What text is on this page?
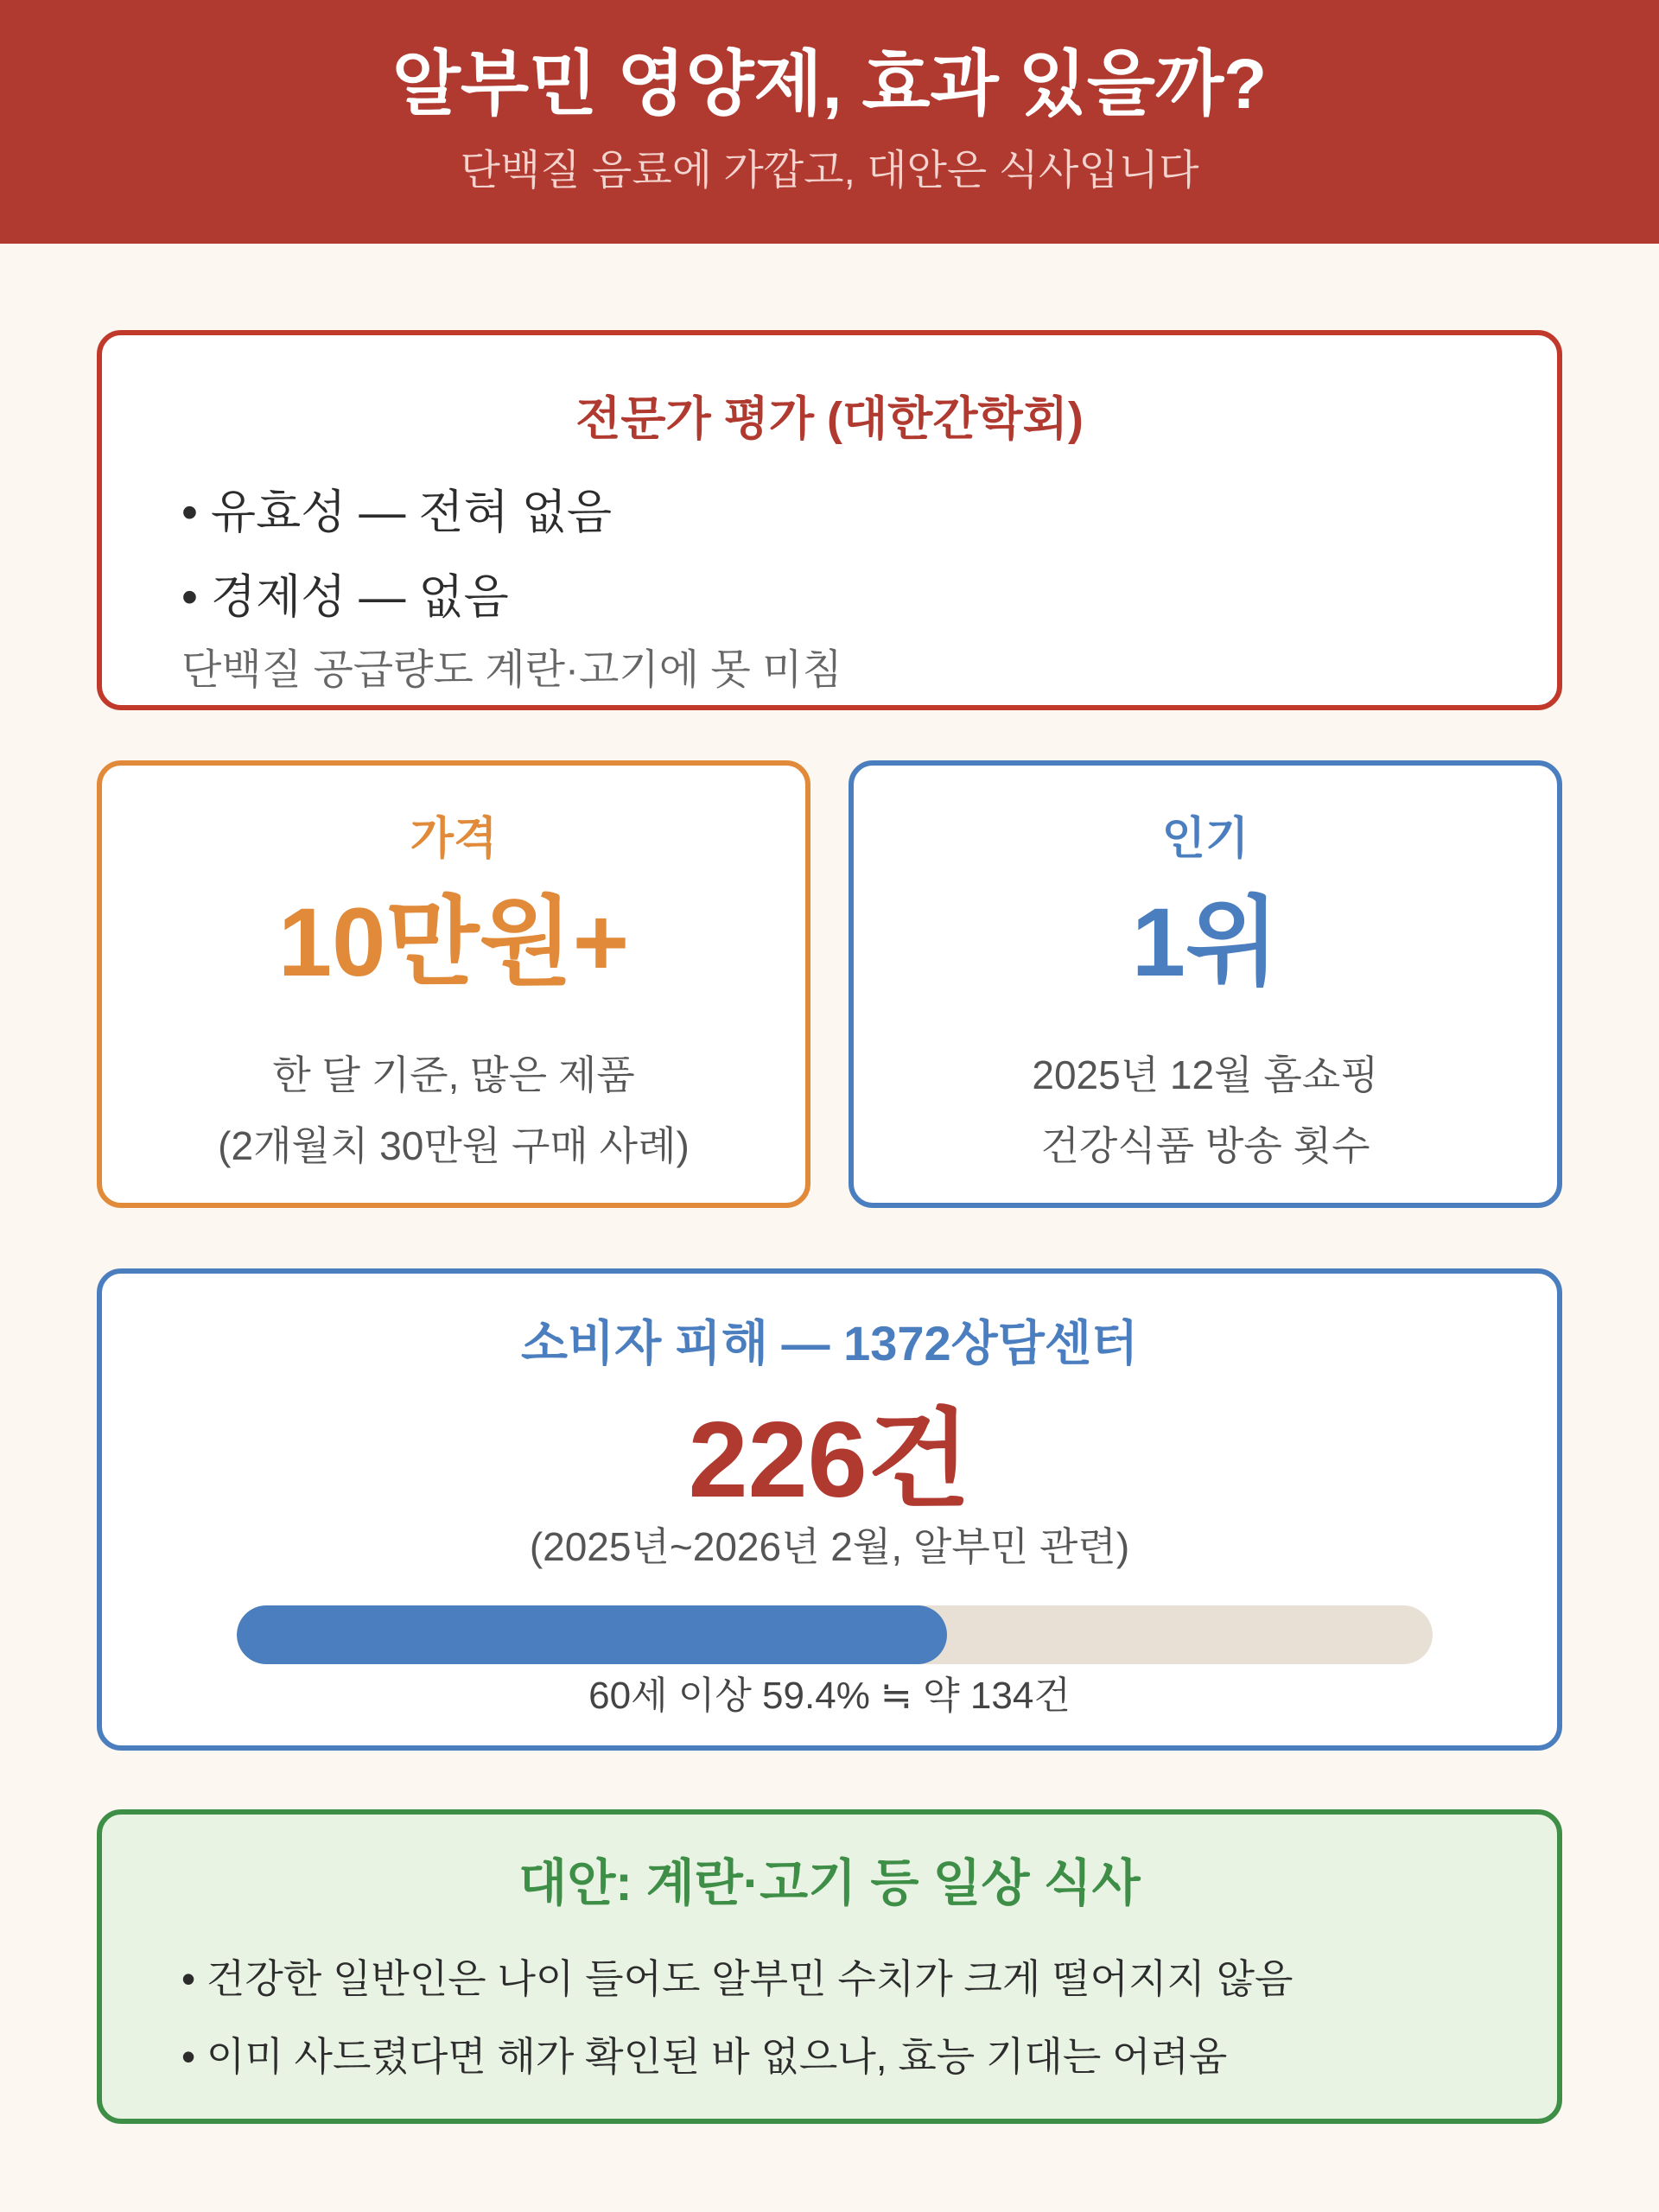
알부민 영양제, 효과 있을까?
단백질 음료에 가깝고, 대안은 식사입니다
전문가 평가 (대한간학회)
• 유효성 — 전혀 없음
• 경제성 — 없음
단백질 공급량도 계란·고기에 못 미침
가격
10만원+
한 달 기준, 많은 제품
(2개월치 30만원 구매 사례)
인기
1위
2025년 12월 홈쇼핑
건강식품 방송 횟수
소비자 피해 — 1372상담센터
226건
(2025년~2026년 2월, 알부민 관련)
60세 이상 59.4% ≒ 약 134건
대안: 계란·고기 등 일상 식사
• 건강한 일반인은 나이 들어도 알부민 수치가 크게 떨어지지 않음
• 이미 사드렸다면 해가 확인된 바 없으나, 효능 기대는 어려움
